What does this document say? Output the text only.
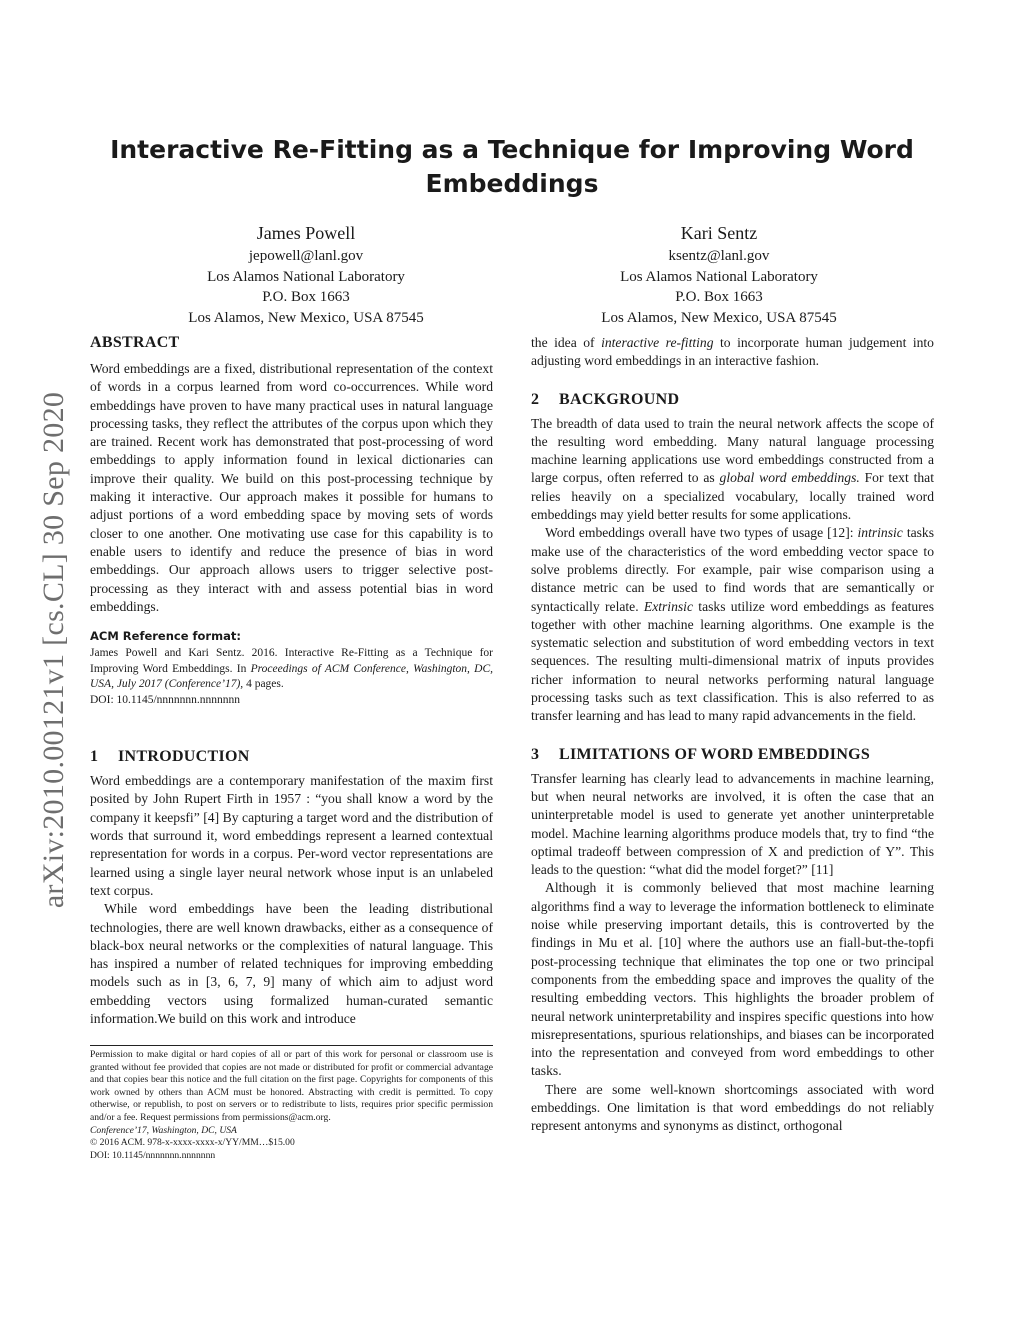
arXiv:2010.00121v1 [cs.CL] 30 Sep 2020
Interactive Re-Fitting as a Technique for Improving Word
Embeddings
James Powell
jepowell@lanl.gov
Los Alamos National Laboratory
P.O. Box 1663
Los Alamos, New Mexico, USA 87545
Kari Sentz
ksentz@lanl.gov
Los Alamos National Laboratory
P.O. Box 1663
Los Alamos, New Mexico, USA 87545
ABSTRACT

Word embeddings are a fixed, distributional representation of the context of words in a corpus learned from word co-occurrences. While word embeddings have proven to have many practical uses in natural language processing tasks, they reflect the attributes of the corpus upon which they are trained. Recent work has demonstrated that post-processing of word embeddings to apply information found in lexical dictionaries can improve their quality. We build on this post-processing technique by making it interactive. Our approach makes it possible for humans to adjust portions of a word embedding space by moving sets of words closer to one another. One motivating use case for this capability is to enable users to identify and reduce the presence of bias in word embeddings. Our approach allows users to trigger selective post-processing as they interact with and assess potential bias in word embeddings.

ACM Reference format:

James Powell and Kari Sentz. 2016. Interactive Re-Fitting as a Technique for Improving Word Embeddings. In Proceedings of ACM Conference, Washington, DC, USA, July 2017 (Conference’17), 4 pages.

DOI: 10.1145/nnnnnnn.nnnnnnn

1 INTRODUCTION

Word embeddings are a contemporary manifestation of the maxim first posited by John Rupert Firth in 1957 : “you shall know a word by the company it keepsfi” [4] By capturing a target word and the distribution of words that surround it, word embeddings represent a learned contextual representation for words in a corpus. Per-word vector representations are learned using a single layer neural network whose input is an unlabeled text corpus.

While word embeddings have been the leading distributional technologies, there are well known drawbacks, either as a consequence of black-box neural networks or the complexities of natural language. This has inspired a number of related techniques for improving embedding models such as in [3, 6, 7, 9] many of which aim to adjust word embedding vectors using formalized human-curated semantic information.We build on this work and introduce

the idea of interactive re-fitting to incorporate human judgement into adjusting word embeddings in an interactive fashion.

2 BACKGROUND

The breadth of data used to train the neural network affects the scope of the resulting word embedding. Many natural language processing machine learning applications use word embeddings constructed from a large corpus, often referred to as global word embeddings. For text that relies heavily on a specialized vocabulary, locally trained word embeddings may yield better results for some applications.

Word embeddings overall have two types of usage [12]: intrinsic tasks make use of the characteristics of the word embedding vector space to solve problems directly. For example, pair wise comparison using a distance metric can be used to find words that are semantically or syntactically relate. Extrinsic tasks utilize word embeddings as features together with other machine learning algorithms. One example is the systematic selection and substitution of word embedding vectors in text sequences. The resulting multi-dimensional matrix of inputs provides richer information to neural networks performing natural language processing tasks such as text classification. This is also referred to as transfer learning and has lead to many rapid advancements in the field.

3 LIMITATIONS OF WORD EMBEDDINGS

Transfer learning has clearly lead to advancements in machine learning, but when neural networks are involved, it is often the case that an uninterpretable model is used to generate yet another uninterpretable model. Machine learning algorithms produce models that, try to find “the optimal tradeoff between compression of X and prediction of Y”. This leads to the question: “what did the model forget?” [11]

Although it is commonly believed that most machine learning algorithms find a way to leverage the information bottleneck to eliminate noise while preserving important details, this is controverted by the findings in Mu et al. [10] where the authors use an fiall-but-the-topfi post-processing technique that eliminates the top one or two principal components from the embedding space and improves the quality of the resulting embedding vectors. This highlights the broader problem of neural network uninterpretability and inspires specific questions into how misrepresentations, spurious relationships, and biases can be incorporated into the representation and conveyed from word embeddings to other tasks.

There are some well-known shortcomings associated with word embeddings. One limitation is that word embeddings do not reliably represent antonyms and synonyms as distinct, orthogonal

Permission to make digital or hard copies of all or part of this work for personal or classroom use is granted without fee provided that copies are not made or distributed for profit or commercial advantage and that copies bear this notice and the full citation on the first page. Copyrights for components of this work owned by others than ACM must be honored. Abstracting with credit is permitted. To copy otherwise, or republish, to post on servers or to redistribute to lists, requires prior specific permission and/or a fee. Request permissions from permissions@acm.org.

Conference’17, Washington, DC, USA

© 2016 ACM. 978-x-xxxx-xxxx-x/YY/MM…$15.00

DOI: 10.1145/nnnnnnn.nnnnnnn
